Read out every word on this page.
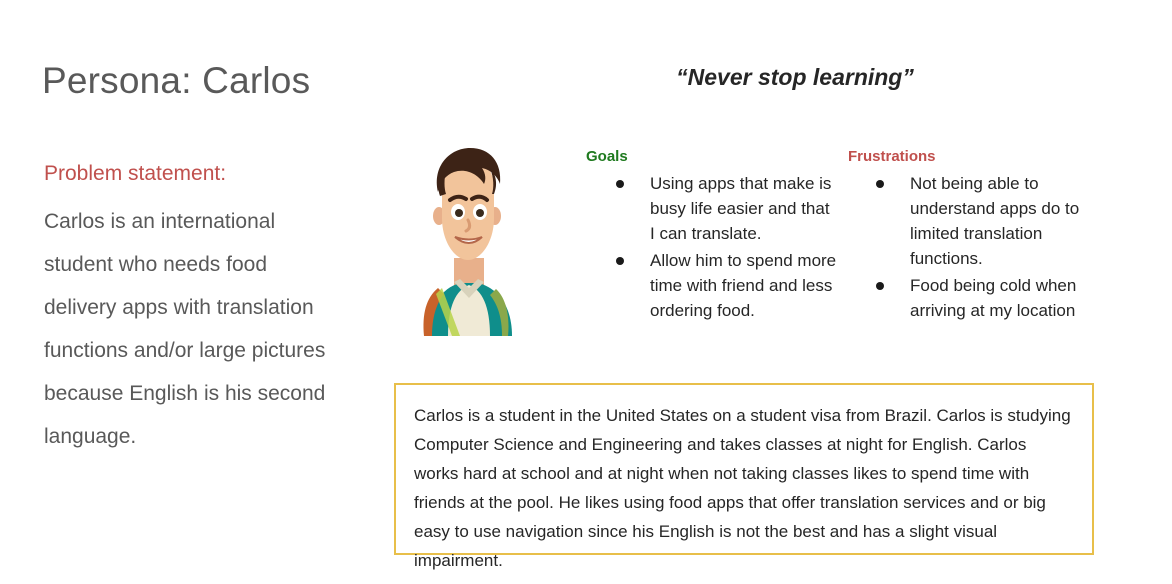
Persona: Carlos	“Never stop learning”
Problem statement:
Carlos is an international student who needs food delivery apps with translation functions and/or large pictures because English is his second language.
Goals
Using apps that make is busy life easier and that I can translate.
Allow him to spend more time with friend and less ordering food.
Frustrations
Not being able to understand apps do to limited translation functions.
Food being cold when arriving at my location
Carlos is a student in the United States on a student visa from Brazil. Carlos is studying Computer Science and Engineering and takes classes at night for English. Carlos works hard at school and at night when not taking classes likes to spend time with friends at the pool. He likes using food apps that offer translation services and or big easy to use navigation since his English is not the best and has a slight visual impairment.
